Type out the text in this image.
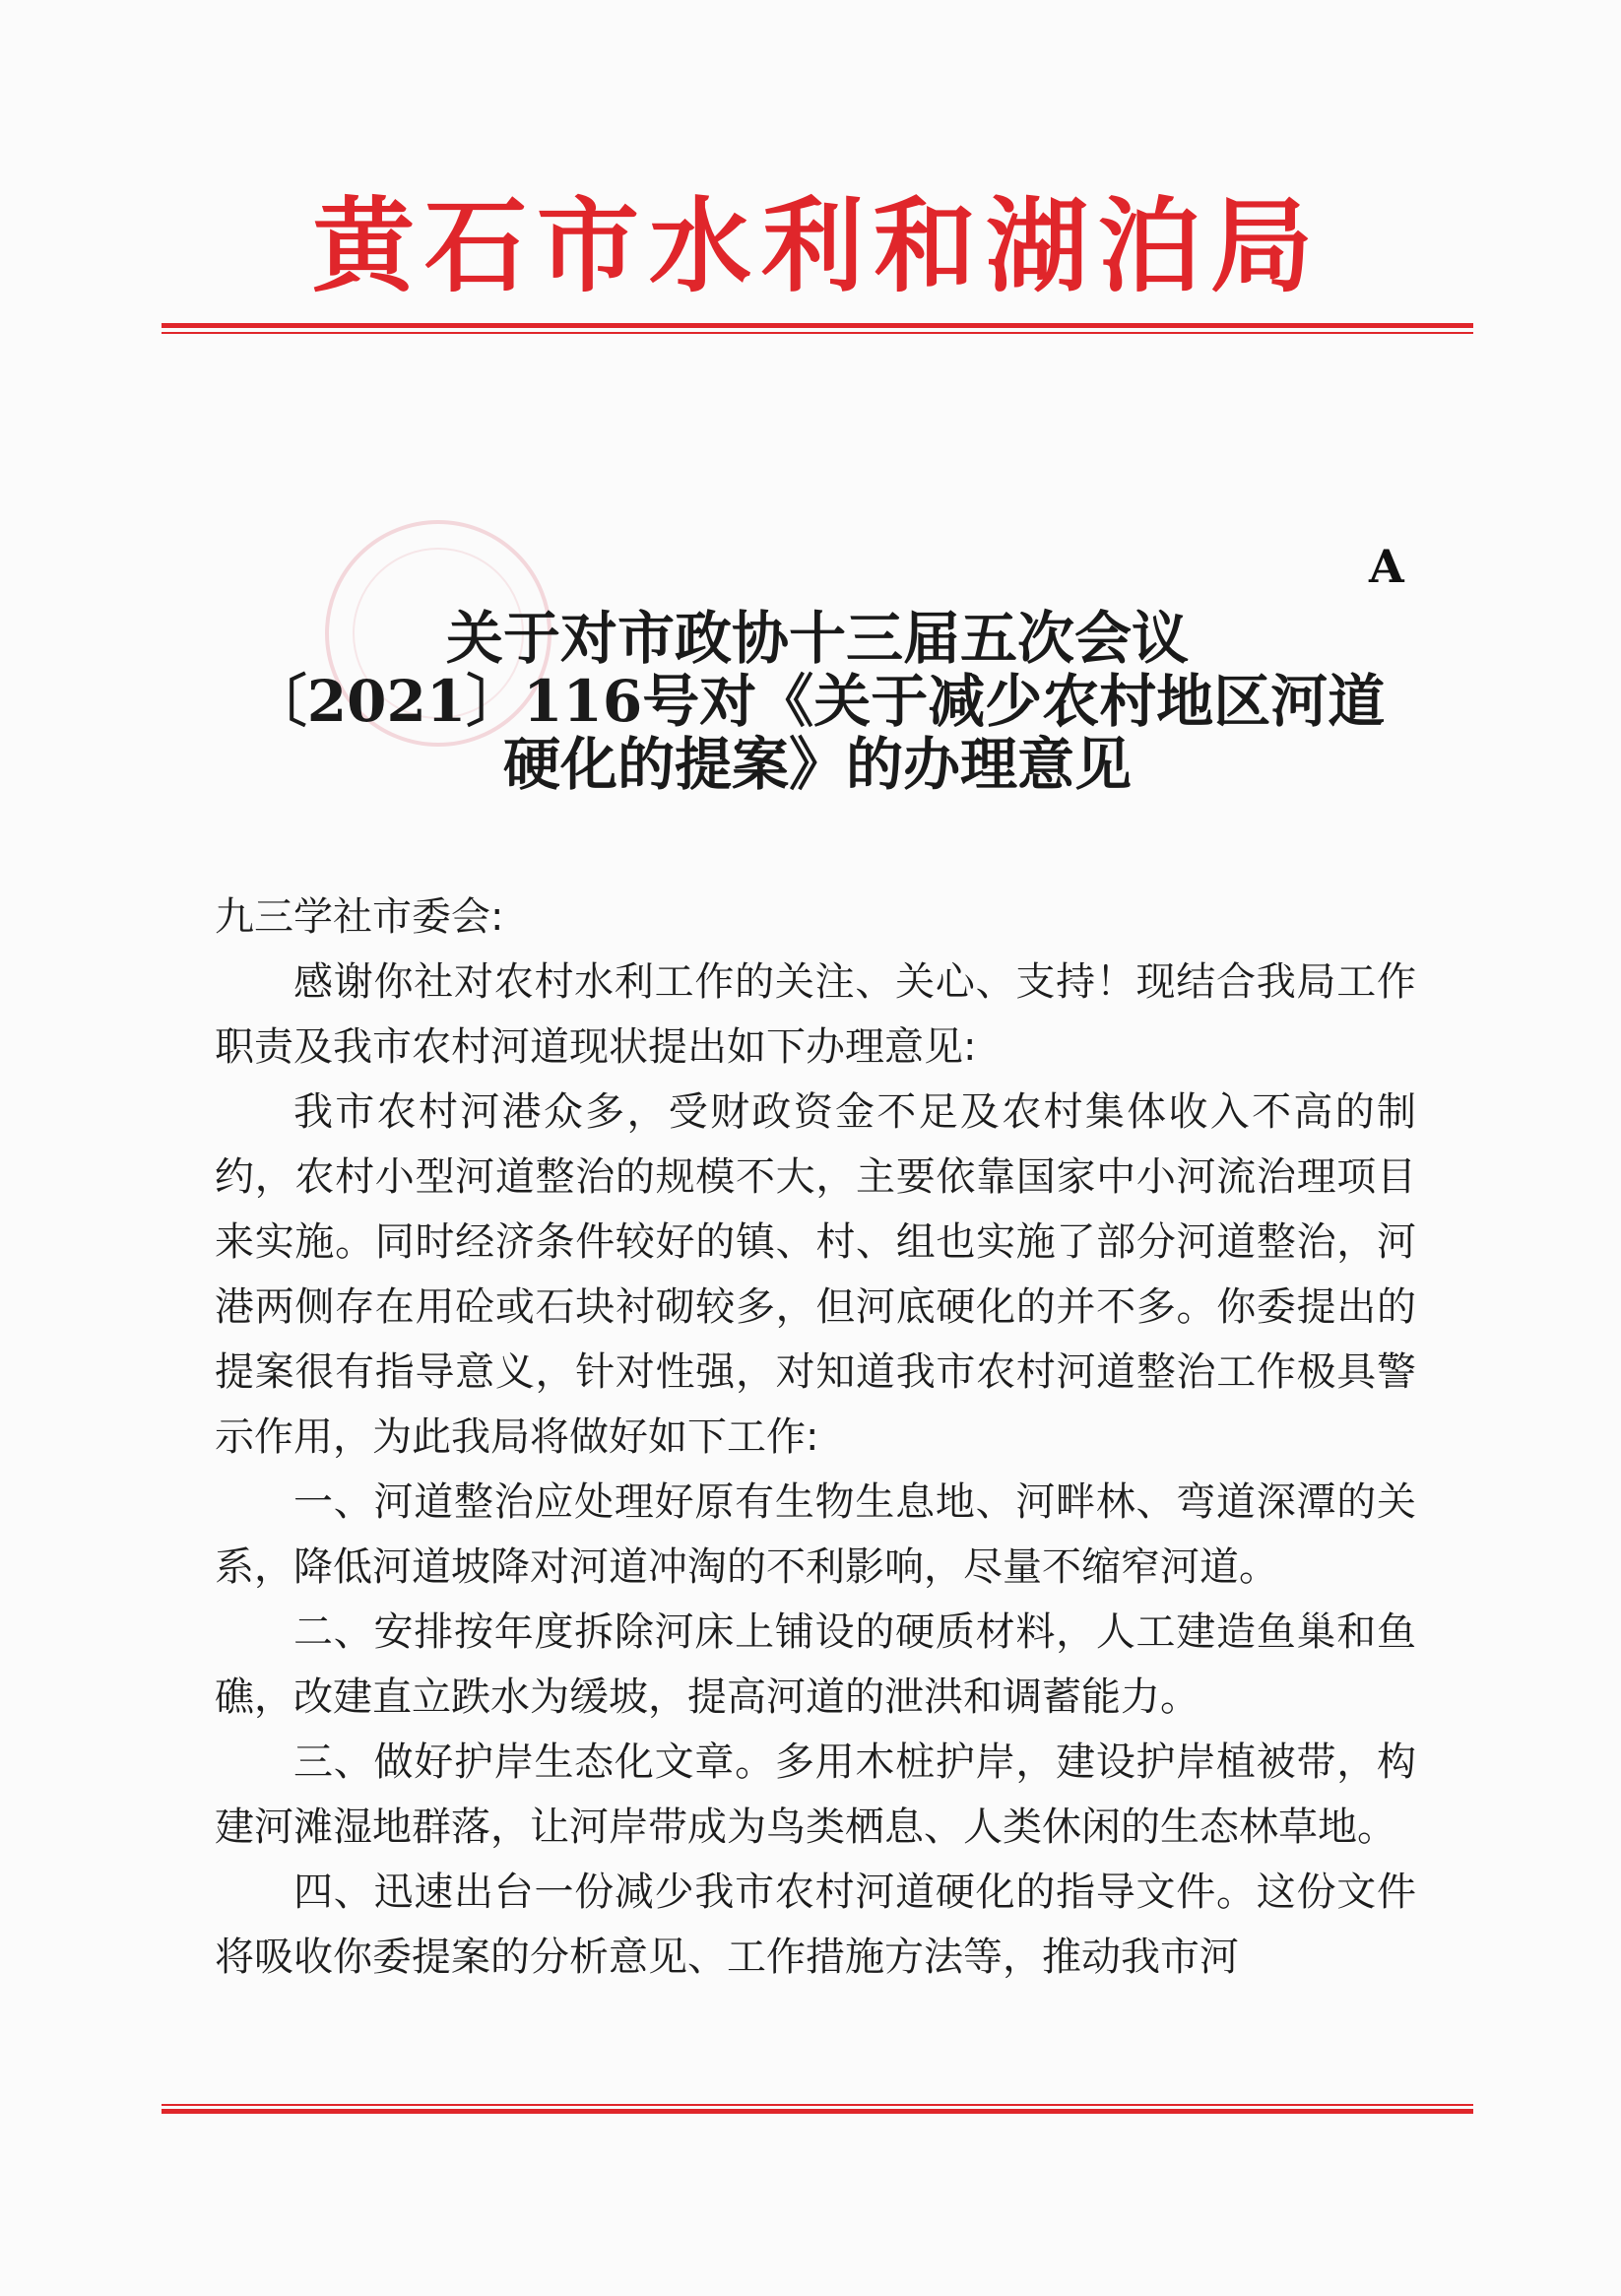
黄石市水利和湖泊局
A
关于对市政协十三届五次会议
〔2021〕116号对《关于减少农村地区河道
硬化的提案》的办理意见

九三学社市委会:

感谢你社对农村水利工作的关注、关心、支持！现结合我局工作职责及我市农村河道现状提出如下办理意见:

我市农村河港众多，受财政资金不足及农村集体收入不高的制约，农村小型河道整治的规模不大，主要依靠国家中小河流治理项目来实施。同时经济条件较好的镇、村、组也实施了部分河道整治，河港两侧存在用砼或石块衬砌较多，但河底硬化的并不多。你委提出的提案很有指导意义，针对性强，对知道我市农村河道整治工作极具警示作用，为此我局将做好如下工作:

一、河道整治应处理好原有生物生息地、河畔林、弯道深潭的关系，降低河道坡降对河道冲淘的不利影响，尽量不缩窄河道。

二、安排按年度拆除河床上铺设的硬质材料，人工建造鱼巢和鱼礁，改建直立跌水为缓坡，提高河道的泄洪和调蓄能力。

三、做好护岸生态化文章。多用木桩护岸，建设护岸植被带，构建河滩湿地群落，让河岸带成为鸟类栖息、人类休闲的生态林草地。

四、迅速出台一份减少我市农村河道硬化的指导文件。这份文件将吸收你委提案的分析意见、工作措施方法等，推动我市河
